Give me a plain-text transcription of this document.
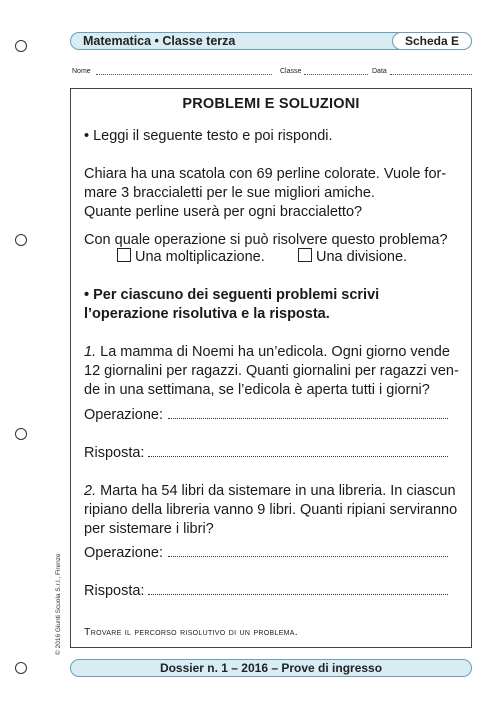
Matematica • Classe terza	Scheda E
Nome	Classe	Data
PROBLEMI E SOLUZIONI
• Leggi il seguente testo e poi rispondi.
Chiara ha una scatola con 69 perline colorate. Vuole for-
mare 3 braccialetti per le sue migliori amiche.
Quante perline userà per ogni braccialetto?
Con quale operazione si può risolvere questo problema?
Una moltiplicazione.	Una divisione.
• Per ciascuno dei seguenti problemi scrivi
l’operazione risolutiva e la risposta.
1. La mamma di Noemi ha un’edicola. Ogni giorno vende
12 giornalini per ragazzi. Quanti giornalini per ragazzi ven-
de in una settimana, se l’edicola è aperta tutti i giorni?
Operazione:
Risposta:
2. Marta ha 54 libri da sistemare in una libreria. In ciascun
ripiano della libreria vanno 9 libri. Quanti ripiani serviranno
per sistemare i libri?
Operazione:
Risposta:
Trovare il percorso risolutivo di un problema.
© 2016 Giunti Scuola S.r.l., Firenze
Dossier n. 1 – 2016 – Prove di ingresso
